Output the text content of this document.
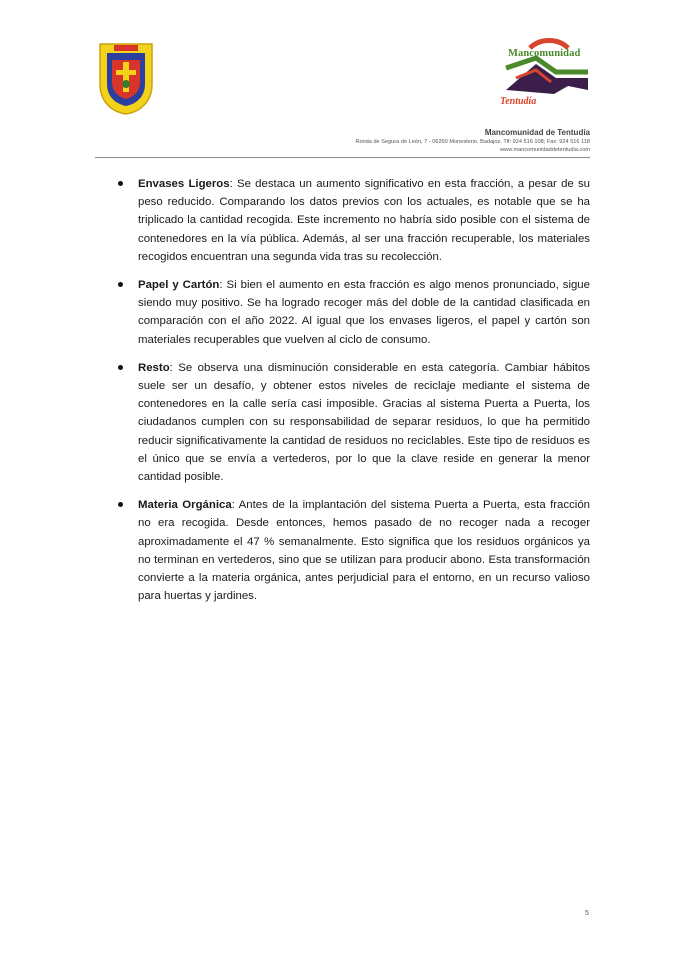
Mancomunidad
Tentudía
Mancomunidad de Tentudía
Ronda de Segura de León, 7 - 06260 Monesterio. Badajoz. Tlf: 924 516 108; Fax: 924 516 118
www.mancomunidaddetentudia.com
Envases Ligeros: Se destaca un aumento significativo en esta fracción, a pesar de su peso reducido. Comparando los datos previos con los actuales, es notable que se ha triplicado la cantidad recogida. Este incremento no habría sido posible con el sistema de contenedores en la vía pública. Además, al ser una fracción recuperable, los materiales recogidos encuentran una segunda vida tras su recolección.
Papel y Cartón: Si bien el aumento en esta fracción es algo menos pronunciado, sigue siendo muy positivo. Se ha logrado recoger más del doble de la cantidad clasificada en comparación con el año 2022. Al igual que los envases ligeros, el papel y cartón son materiales recuperables que vuelven al ciclo de consumo.
Resto: Se observa una disminución considerable en esta categoría. Cambiar hábitos suele ser un desafío, y obtener estos niveles de reciclaje mediante el sistema de contenedores en la calle sería casi imposible. Gracias al sistema Puerta a Puerta, los ciudadanos cumplen con su responsabilidad de separar residuos, lo que ha permitido reducir significativamente la cantidad de residuos no reciclables. Este tipo de residuos es el único que se envía a vertederos, por lo que la clave reside en generar la menor cantidad posible.
Materia Orgánica: Antes de la implantación del sistema Puerta a Puerta, esta fracción no era recogida. Desde entonces, hemos pasado de no recoger nada a recoger aproximadamente el 47 % semanalmente. Esto significa que los residuos orgánicos ya no terminan en vertederos, sino que se utilizan para producir abono. Esta transformación convierte a la materia orgánica, antes perjudicial para el entorno, en un recurso valioso para huertas y jardines.
5
